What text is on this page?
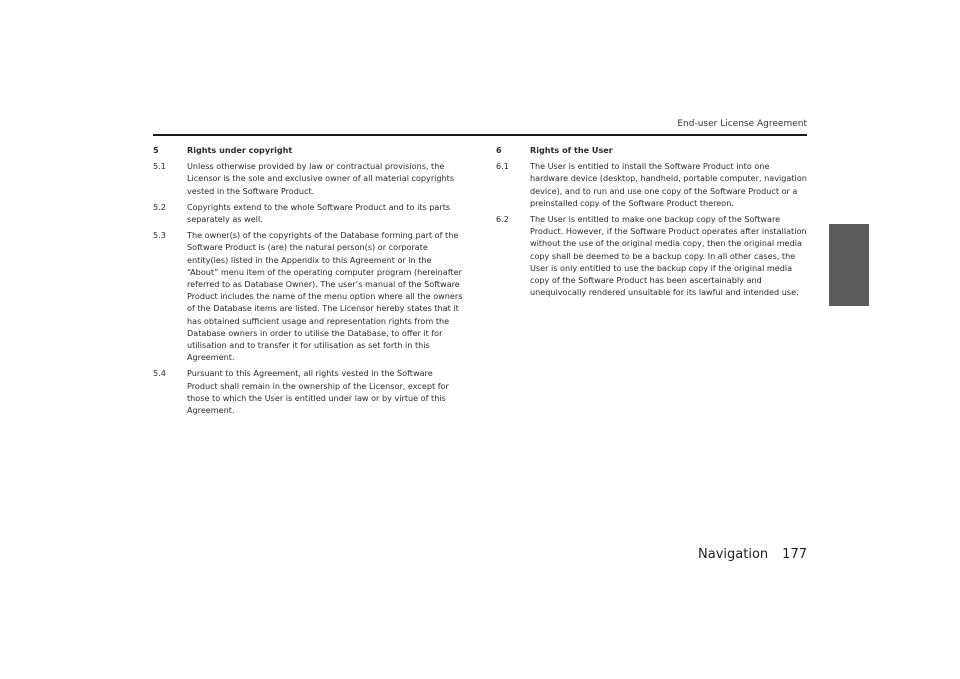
End-user License Agreement
5	Rights under copyright
5.1	Unless otherwise provided by law or contractual provisions, the Licensor is the sole and exclusive owner of all material copyrights vested in the Software Product.
5.2	Copyrights extend to the whole Software Product and to its parts separately as well.
5.3	The owner(s) of the copyrights of the Database forming part of the Software Product is (are) the natural person(s) or corporate entity(ies) listed in the Appendix to this Agreement or in the “About” menu item of the operating computer program (hereinafter referred to as Database Owner). The user’s manual of the Software Product includes the name of the menu option where all the owners of the Database items are listed. The Licensor hereby states that it has obtained sufficient usage and representation rights from the Database owners in order to utilise the Database, to offer it for utilisation and to transfer it for utilisation as set forth in this Agreement.
5.4	Pursuant to this Agreement, all rights vested in the Software Product shall remain in the ownership of the Licensor, except for those to which the User is entitled under law or by virtue of this Agreement.
6	Rights of the User
6.1	The User is entitled to install the Software Product into one hardware device (desktop, handheld, portable computer, navigation device), and to run and use one copy of the Software Product or a preinstalled copy of the Software Product thereon.
6.2	The User is entitled to make one backup copy of the Software Product. However, if the Software Product operates after installation without the use of the original media copy, then the original media copy shall be deemed to be a backup copy. In all other cases, the User is only entitled to use the backup copy if the original media copy of the Software Product has been ascertainably and unequivocally rendered unsuitable for its lawful and intended use.
Navigation 177
